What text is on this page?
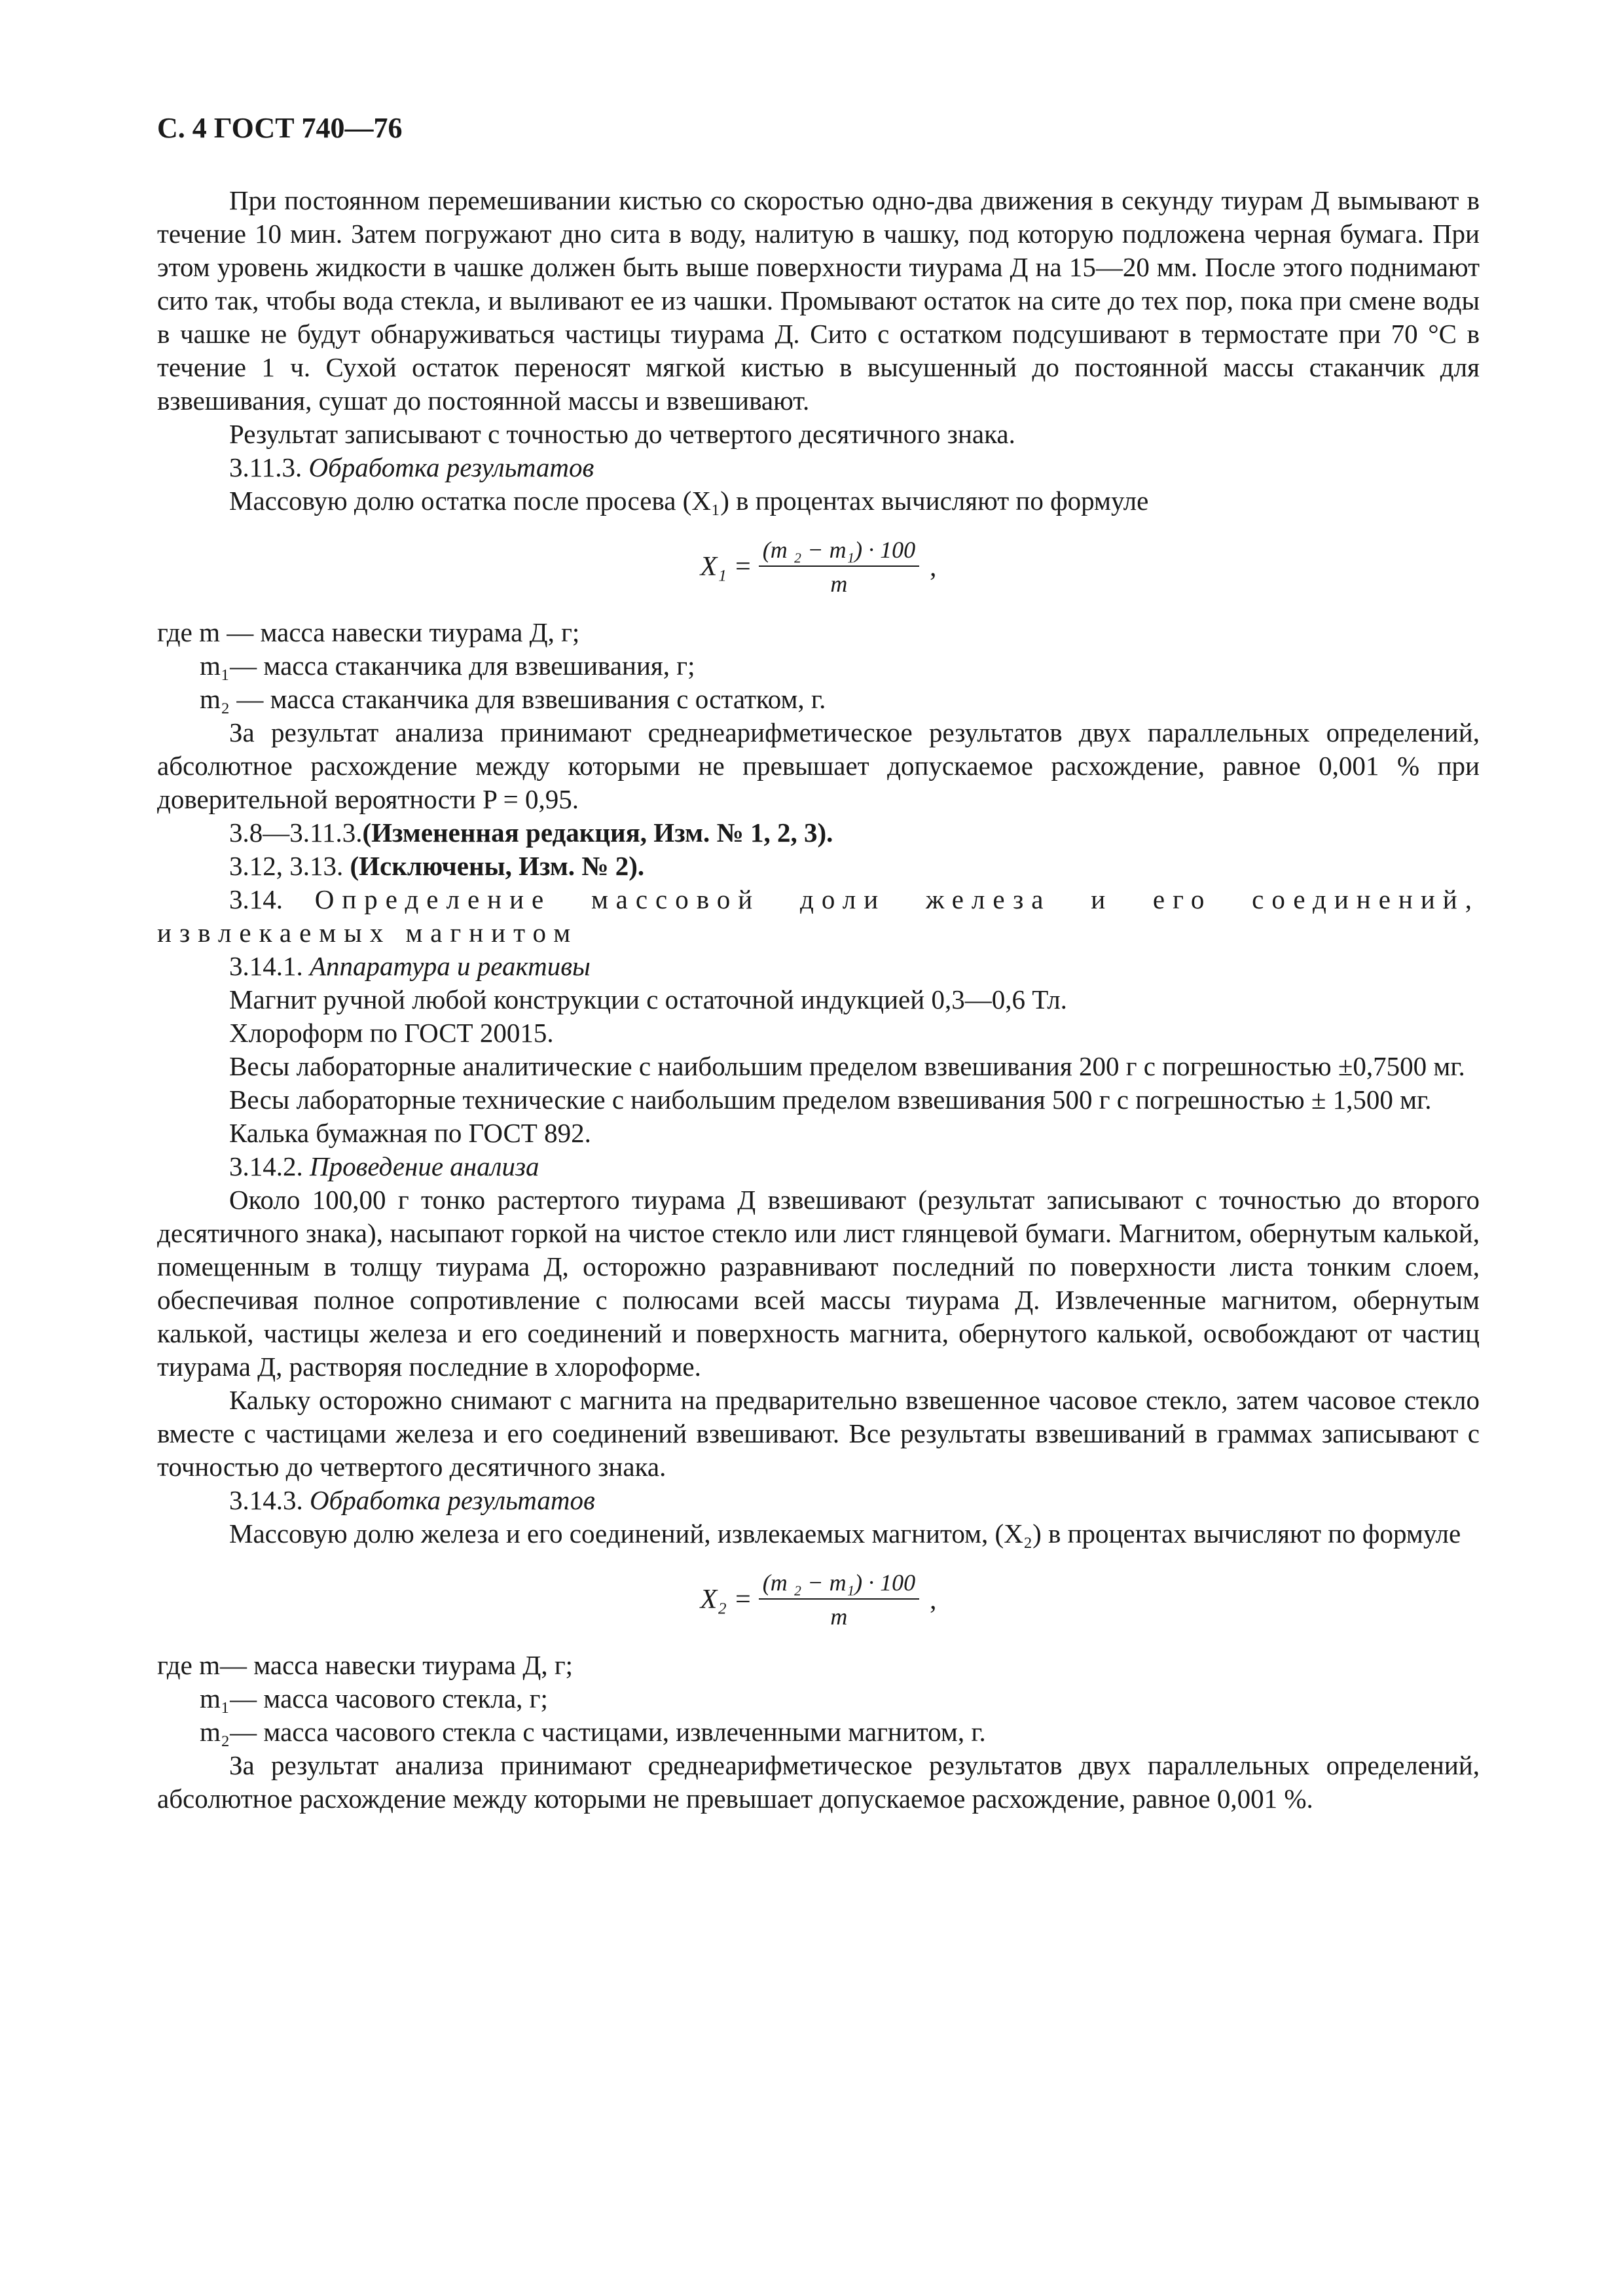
С. 4 ГОСТ 740—76

При постоянном перемешивании кистью со скоростью одно-два движения в секунду тиурам Д вымывают в течение 10 мин. Затем погружают дно сита в воду, налитую в чашку, под которую подложена черная бумага. При этом уровень жидкости в чашке должен быть выше поверхности тиурама Д на 15—20 мм. После этого поднимают сито так, чтобы вода стекла, и выливают ее из чашки. Промывают остаток на сите до тех пор, пока при смене воды в чашке не будут обнаруживаться частицы тиурама Д. Сито с остатком подсушивают в термостате при 70 °С в течение 1 ч. Сухой остаток переносят мягкой кистью в высушенный до постоянной массы стаканчик для взвешивания, сушат до постоянной массы и взвешивают.

Результат записывают с точностью до четвертого десятичного знака.

3.11.3. Обработка результатов

Массовую долю остатка после просева (X₁) в процентах вычисляют по формуле

$X_1 = \frac{\text{(m ₂ − m₁) · 100}}{m}$ ,

где m — масса навески тиурама Д, г;

m₁— масса стаканчика для взвешивания, г;

m₂ — масса стаканчика для взвешивания с остатком, г.

За результат анализа принимают среднеарифметическое результатов двух параллельных определений, абсолютное расхождение между которыми не превышает допускаемое расхождение, равное 0,001 % при доверительной вероятности P = 0,95.

3.8—3.11.3.(Измененная редакция, Изм. № 1, 2, 3).

3.12, 3.13. (Исключены, Изм. № 2).

3.14. Определение массовой доли железа и его соединений, извлекаемых магнитом

3.14.1. Аппаратура и реактивы

Магнит ручной любой конструкции с остаточной индукцией 0,3—0,6 Тл.

Хлороформ по ГОСТ 20015.

Весы лабораторные аналитические с наибольшим пределом взвешивания 200 г с погрешностью ±0,7500 мг.

Весы лабораторные технические с наибольшим пределом взвешивания 500 г с погрешностью ± 1,500 мг.

Калька бумажная по ГОСТ 892.

3.14.2. Проведение анализа

Около 100,00 г тонко растертого тиурама Д взвешивают (результат записывают с точностью до второго десятичного знака), насыпают горкой на чистое стекло или лист глянцевой бумаги. Магнитом, обернутым калькой, помещенным в толщу тиурама Д, осторожно разравнивают последний по поверхности листа тонким слоем, обеспечивая полное сопротивление с полюсами всей массы тиурама Д. Извлеченные магнитом, обернутым калькой, частицы железа и его соединений и поверхность магнита, обернутого калькой, освобождают от частиц тиурама Д, растворяя последние в хлороформе.

Кальку осторожно снимают с магнита на предварительно взвешенное часовое стекло, затем часовое стекло вместе с частицами железа и его соединений взвешивают. Все результаты взвешиваний в граммах записывают с точностью до четвертого десятичного знака.

3.14.3. Обработка результатов

Массовую долю железа и его соединений, извлекаемых магнитом, (X₂) в процентах вычисляют по формуле

$X_2 = \frac{\text{(m ₂ − m₁) · 100}}{m}$ ,

где m— масса навески тиурама Д, г;

m₁— масса часового стекла, г;

m₂— масса часового стекла с частицами, извлеченными магнитом, г.

За результат анализа принимают среднеарифметическое результатов двух параллельных определений, абсолютное расхождение между которыми не превышает допускаемое расхождение, равное 0,001 %.
